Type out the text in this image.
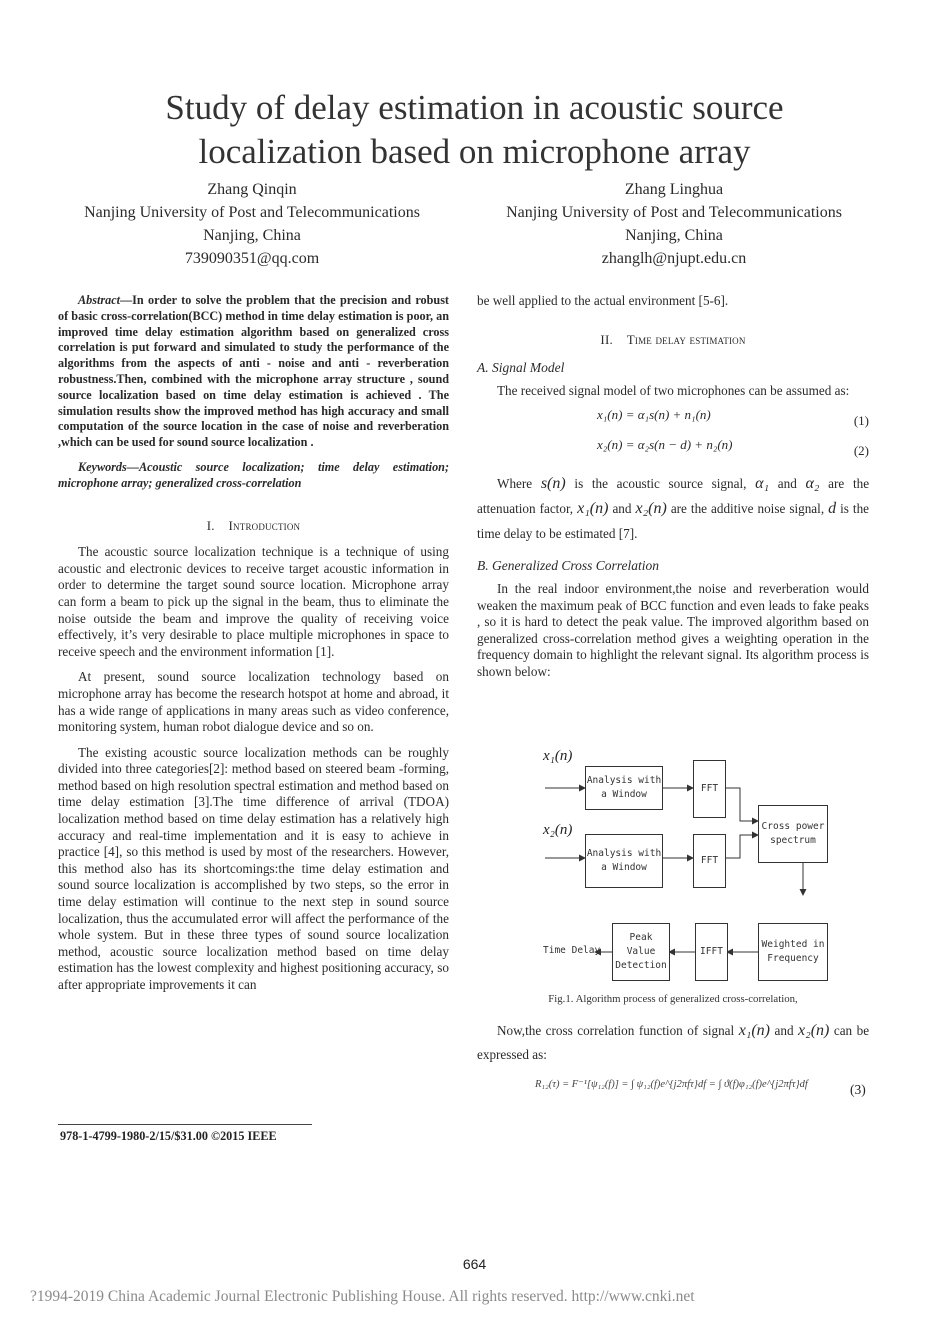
Study of delay estimation in acoustic source
localization based on microphone array
Zhang Qinqin
Nanjing University of Post and Telecommunications
Nanjing, China
739090351@qq.com
Zhang Linghua
Nanjing University of Post and Telecommunications
Nanjing, China
zhanglh@njupt.edu.cn

Abstract—In order to solve the problem that the precision and robust of basic cross-correlation(BCC) method in time delay estimation is poor, an improved time delay estimation algorithm based on generalized cross correlation is put forward and simulated to study the performance of the algorithms from the aspects of anti - noise and anti - reverberation robustness.Then, combined with the microphone array structure , sound source localization based on time delay estimation is achieved . The simulation results show the improved method has high accuracy and small computation of the source location in the case of noise and reverberation ,which can be used for sound source localization .

Keywords—Acoustic source localization; time delay estimation; microphone array; generalized cross-correlation

I. Introduction

The acoustic source localization technique is a technique of using acoustic and electronic devices to receive target acoustic information in order to determine the target sound source location. Microphone array can form a beam to pick up the signal in the beam, thus to eliminate the noise outside the beam and improve the quality of receiving voice effectively, it’s very desirable to place multiple microphones in space to receive speech and the environment information [1].

At present, sound source localization technology based on microphone array has become the research hotspot at home and abroad, it has a wide range of applications in many areas such as video conference, monitoring system, human robot dialogue device and so on.

The existing acoustic source localization methods can be roughly divided into three categories[2]: method based on steered beam -forming, method based on high resolution spectral estimation and method based on time delay estimation [3].The time difference of arrival (TDOA) localization method based on time delay estimation has a relatively high accuracy and real‑time implementation and it is easy to achieve in practice [4], so this method is used by most of the researchers. However, this method also has its shortcomings:the time delay estimation and sound source localization is accomplished by two steps, so the error in time delay estimation will continue to the next step in sound source localization, thus the accumulated error will affect the performance of the whole system. But in these three types of sound source localization method, acoustic source localization method based on time delay estimation has the lowest complexity and highest positioning accuracy, so after appropriate improvements it can

be well applied to the actual environment [5-6].

II. Time delay estimation
A. Signal Model

The received signal model of two microphones can be assumed as:

x₁(n) = α₁s(n) + n₁(n)	(1)
x₂(n) = α₂s(n − d) + n₂(n)	(2)

Where s(n) is the acoustic source signal, α₁ and α₂ are the attenuation factor, x₁(n) and x₂(n) are the additive noise signal, d is the time delay to be estimated [7].

B. Generalized Cross Correlation

In the real indoor environment,the noise and reverberation would weaken the maximum peak of BCC function and even leads to fake peaks , so it is hard to detect the peak value. The improved algorithm based on generalized cross-correlation method gives a weighting operation in the frequency domain to highlight the relevant signal. Its algorithm process is shown below:

x₁(n)
x₂(n)
Analysis with
a Window
Analysis with
a Window
FFT
FFT
Cross power
spectrum
Weighted in
Frequency
IFFT
Peak Value
Detection
Time Delay
Fig.1. Algorithm process of generalized cross-correlation,

Now,the cross correlation function of signal x₁(n) and x₂(n) can be expressed as:

R₁₂(τ) = F⁻¹[ψ₁₂(f)] = ∫ ψ₁₂(f)e^{j2πfτ}df = ∫ ϑ(f)φ₁₂(f)e^{j2πfτ}df	(3)
978-1-4799-1980-2/15/$31.00 ©2015 IEEE
664
?1994-2019 China Academic Journal Electronic Publishing House. All rights reserved. http://www.cnki.net
